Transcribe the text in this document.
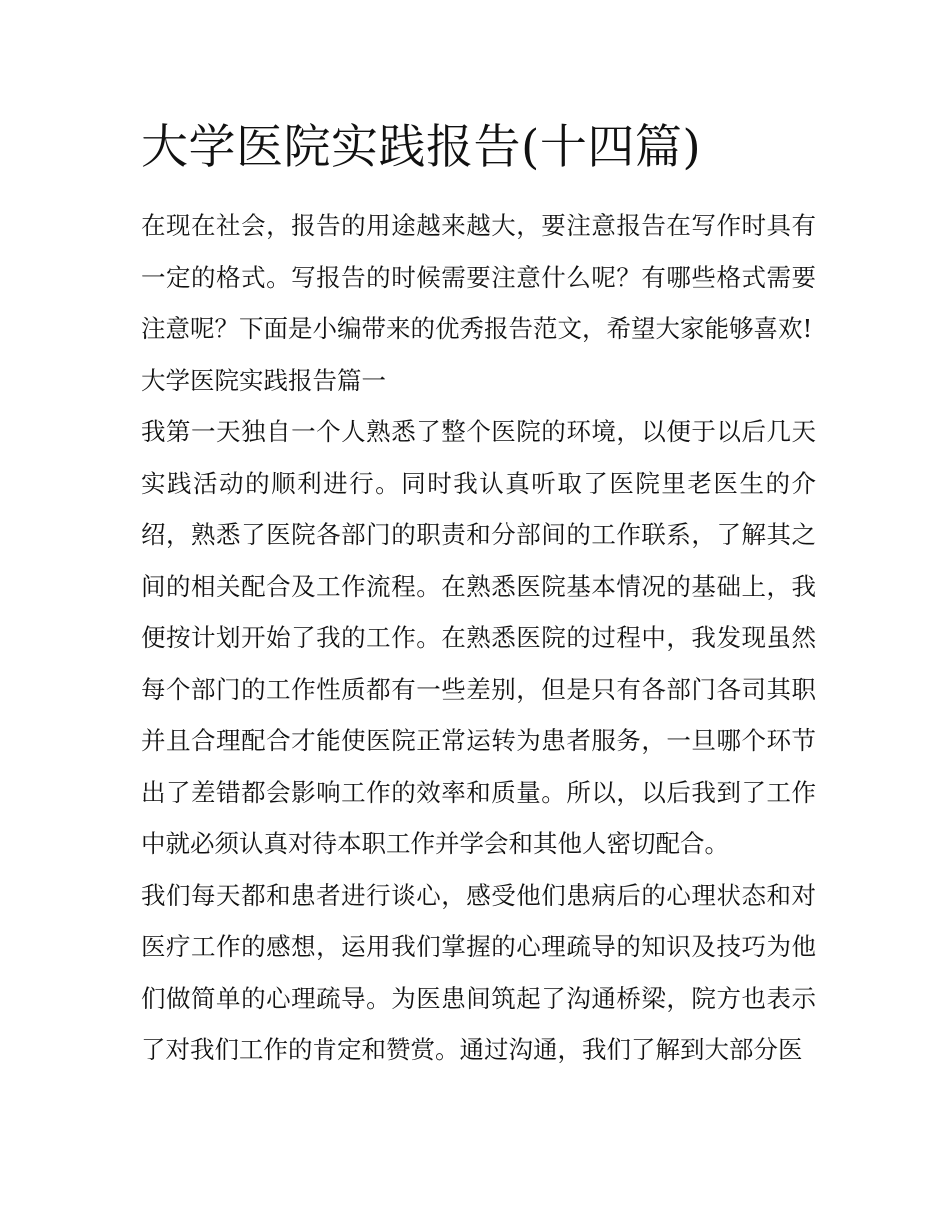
大学医院实践报告(十四篇)

在现在社会，报告的用途越来越大，要注意报告在写作时具有一定的格式。写报告的时候需要注意什么呢？有哪些格式需要注意呢？下面是小编带来的优秀报告范文，希望大家能够喜欢!

大学医院实践报告篇一

我第一天独自一个人熟悉了整个医院的环境，以便于以后几天实践活动的顺利进行。同时我认真听取了医院里老医生的介绍，熟悉了医院各部门的职责和分部间的工作联系，了解其之间的相关配合及工作流程。在熟悉医院基本情况的基础上，我便按计划开始了我的工作。在熟悉医院的过程中，我发现虽然每个部门的工作性质都有一些差别，但是只有各部门各司其职并且合理配合才能使医院正常运转为患者服务，一旦哪个环节出了差错都会影响工作的效率和质量。所以，以后我到了工作中就必须认真对待本职工作并学会和其他人密切配合。

我们每天都和患者进行谈心，感受他们患病后的心理状态和对医疗工作的感想，运用我们掌握的心理疏导的知识及技巧为他们做简单的心理疏导。为医患间筑起了沟通桥梁，院方也表示了对我们工作的肯定和赞赏。通过沟通，我们了解到大部分医
